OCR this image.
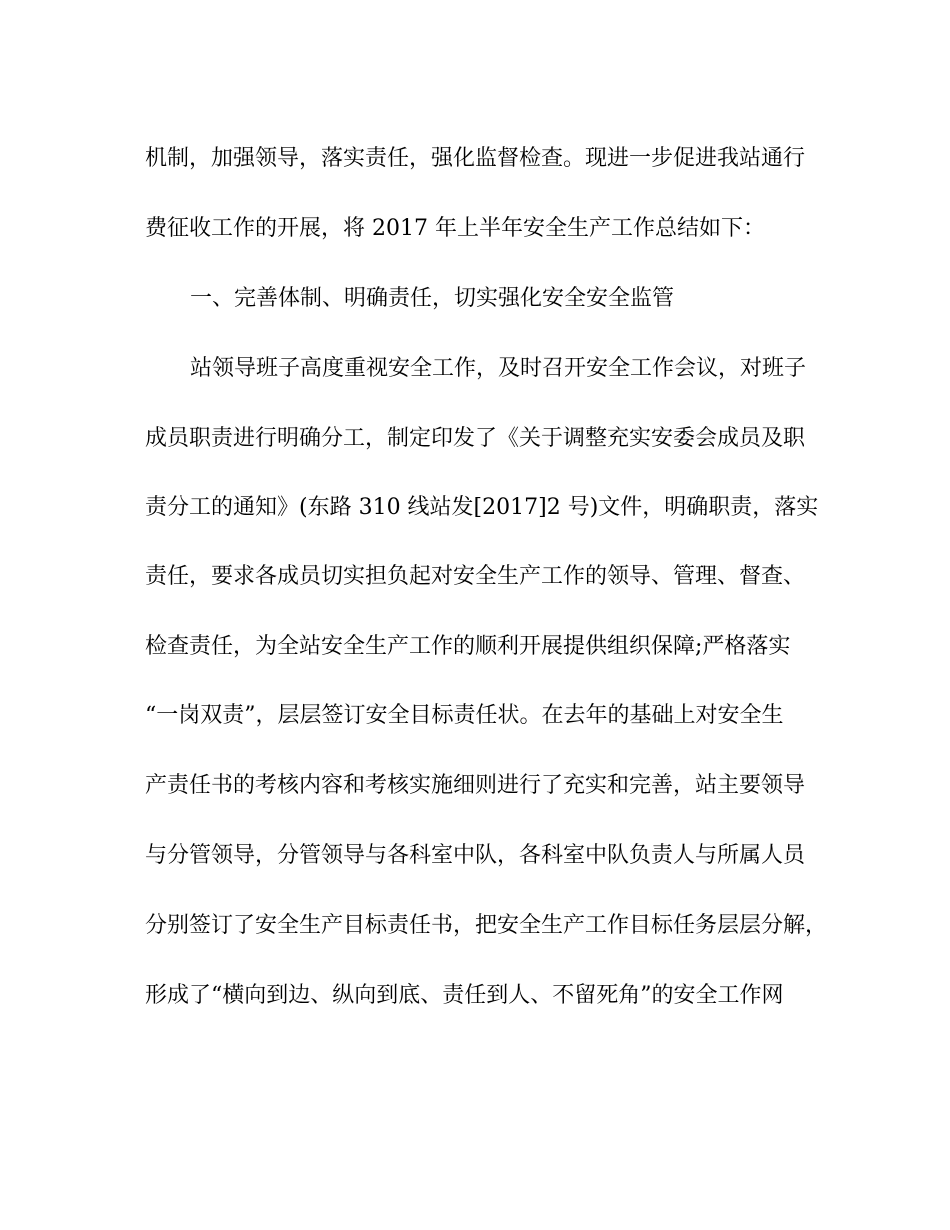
机制，加强领导，落实责任，强化监督检查。现进一步促进我站通行
费征收工作的开展，将 2017 年上半年安全生产工作总结如下：
一、完善体制、明确责任，切实强化安全安全监管
站领导班子高度重视安全工作，及时召开安全工作会议，对班子
成员职责进行明确分工，制定印发了《关于调整充实安委会成员及职
责分工的通知》(东路 310 线站发[2017]2 号)文件，明确职责，落实
责任，要求各成员切实担负起对安全生产工作的领导、管理、督查、
检查责任，为全站安全生产工作的顺利开展提供组织保障;严格落实
“一岗双责”，层层签订安全目标责任状。在去年的基础上对安全生
产责任书的考核内容和考核实施细则进行了充实和完善，站主要领导
与分管领导，分管领导与各科室中队，各科室中队负责人与所属人员
分别签订了安全生产目标责任书，把安全生产工作目标任务层层分解，
形成了“横向到边、纵向到底、责任到人、不留死角”的安全工作网
